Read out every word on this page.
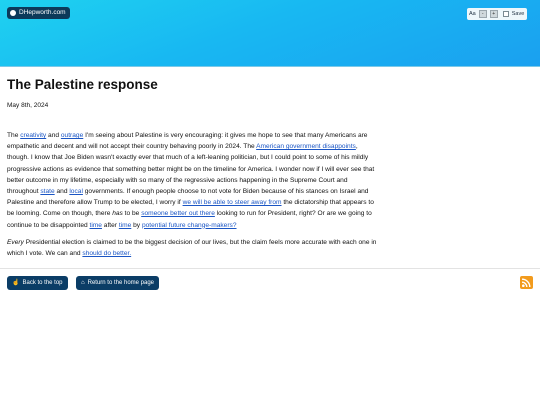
DHepworth.com	Aa	-	+	Save
The Palestine response
May 8th, 2024

The creativity and outrage I'm seeing about Palestine is very encouraging: it gives me hope to see that many Americans are empathetic and decent and will not accept their country behaving poorly in 2024. The American government disappoints, though. I know that Joe Biden wasn't exactly ever that much of a left-leaning politician, but I could point to some of his mildly progressive actions as evidence that something better might be on the timeline for America. I wonder now if I will ever see that better outcome in my lifetime, especially with so many of the regressive actions happening in the Supreme Court and throughout state and local governments. If enough people choose to not vote for Biden because of his stances on Israel and Palestine and therefore allow Trump to be elected, I worry if we will be able to steer away from the dictatorship that appears to be looming. Come on though, there has to be someone better out there looking to run for President, right? Or are we going to continue to be disappointed time after time by potential future change-makers?

Every Presidential election is claimed to be the biggest decision of our lives, but the claim feels more accurate with each one in which I vote. We can and should do better.

☝ Back to the top	⌂ Return to the home page
